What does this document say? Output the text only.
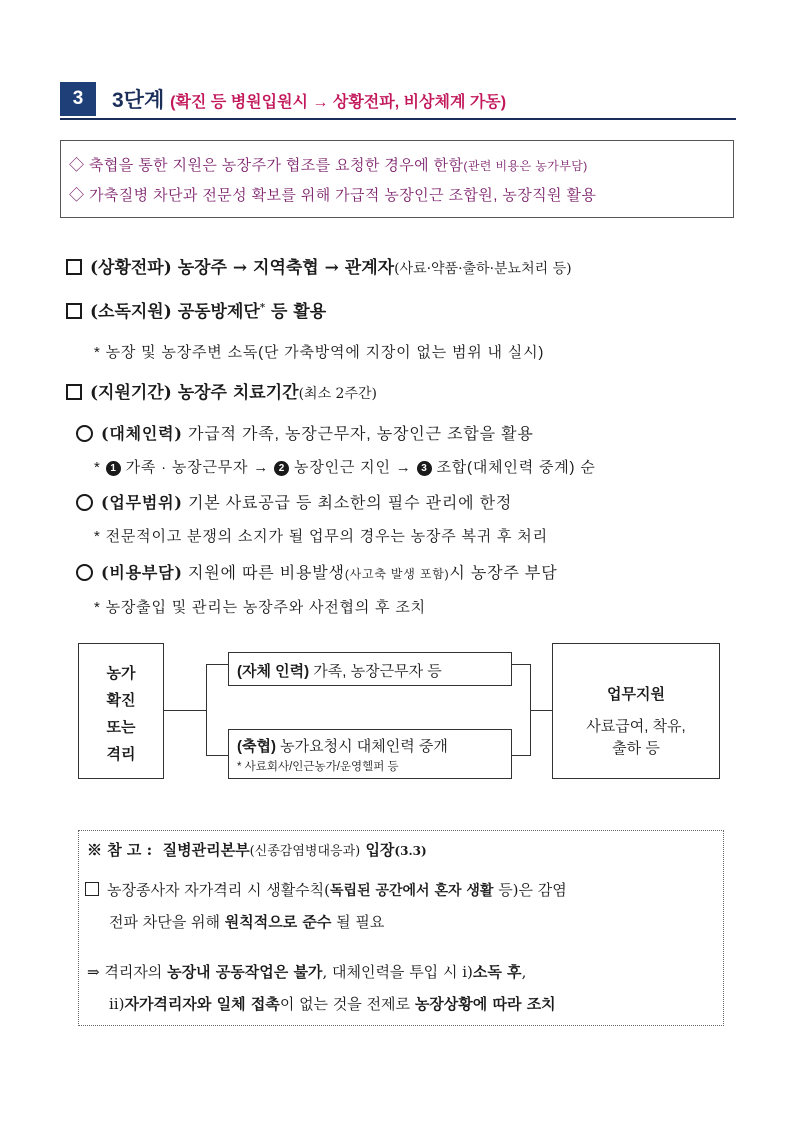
3	3단계 (확진 등 병원입원시 → 상황전파, 비상체계 가동)
◇ 축협을 통한 지원은 농장주가 협조를 요청한 경우에 한함(관련 비용은 농가부담)
◇ 가축질병 차단과 전문성 확보를 위해 가급적 농장인근 조합원, 농장직원 활용
(상황전파) 농장주 → 지역축협 → 관계자(사료·약품·출하·분뇨처리 등)
(소독지원) 공동방제단* 등 활용
* 농장 및 농장주변 소독(단 가축방역에 지장이 없는 범위 내 실시)
(지원기간) 농장주 치료기간(최소 2주간)
(대체인력) 가급적 가족, 농장근무자, 농장인근 조합을 활용
* 1 가족 · 농장근무자 → 2 농장인근 지인 → 3 조합(대체인력 중계) 순
(업무범위) 기본 사료공급 등 최소한의 필수 관리에 한정
* 전문적이고 분쟁의 소지가 될 업무의 경우는 농장주 복귀 후 처리
(비용부담) 지원에 따른 비용발생(사고축 발생 포함)시 농장주 부담
* 농장출입 및 관리는 농장주와 사전협의 후 조치
농가
확진
또는
격리
(자체 인력) 가족, 농장근무자 등
(축협) 농가요청시 대체인력 중개
* 사료회사/인근농가/운영헬퍼 등
업무지원
사료급여, 착유,
출하 등
※ 참 고 : 질병관리본부(신종감염병대응과) 입장(3.3)
농장종사자 자가격리 시 생활수칙(독립된 공간에서 혼자 생활 등)은 감염
전파 차단을 위해 원칙적으로 준수 될 필요
⇒ 격리자의 농장내 공동작업은 불가, 대체인력을 투입 시 ⅰ)소독 후,
ⅱ)자가격리자와 일체 접촉이 없는 것을 전제로 농장상황에 따라 조치
